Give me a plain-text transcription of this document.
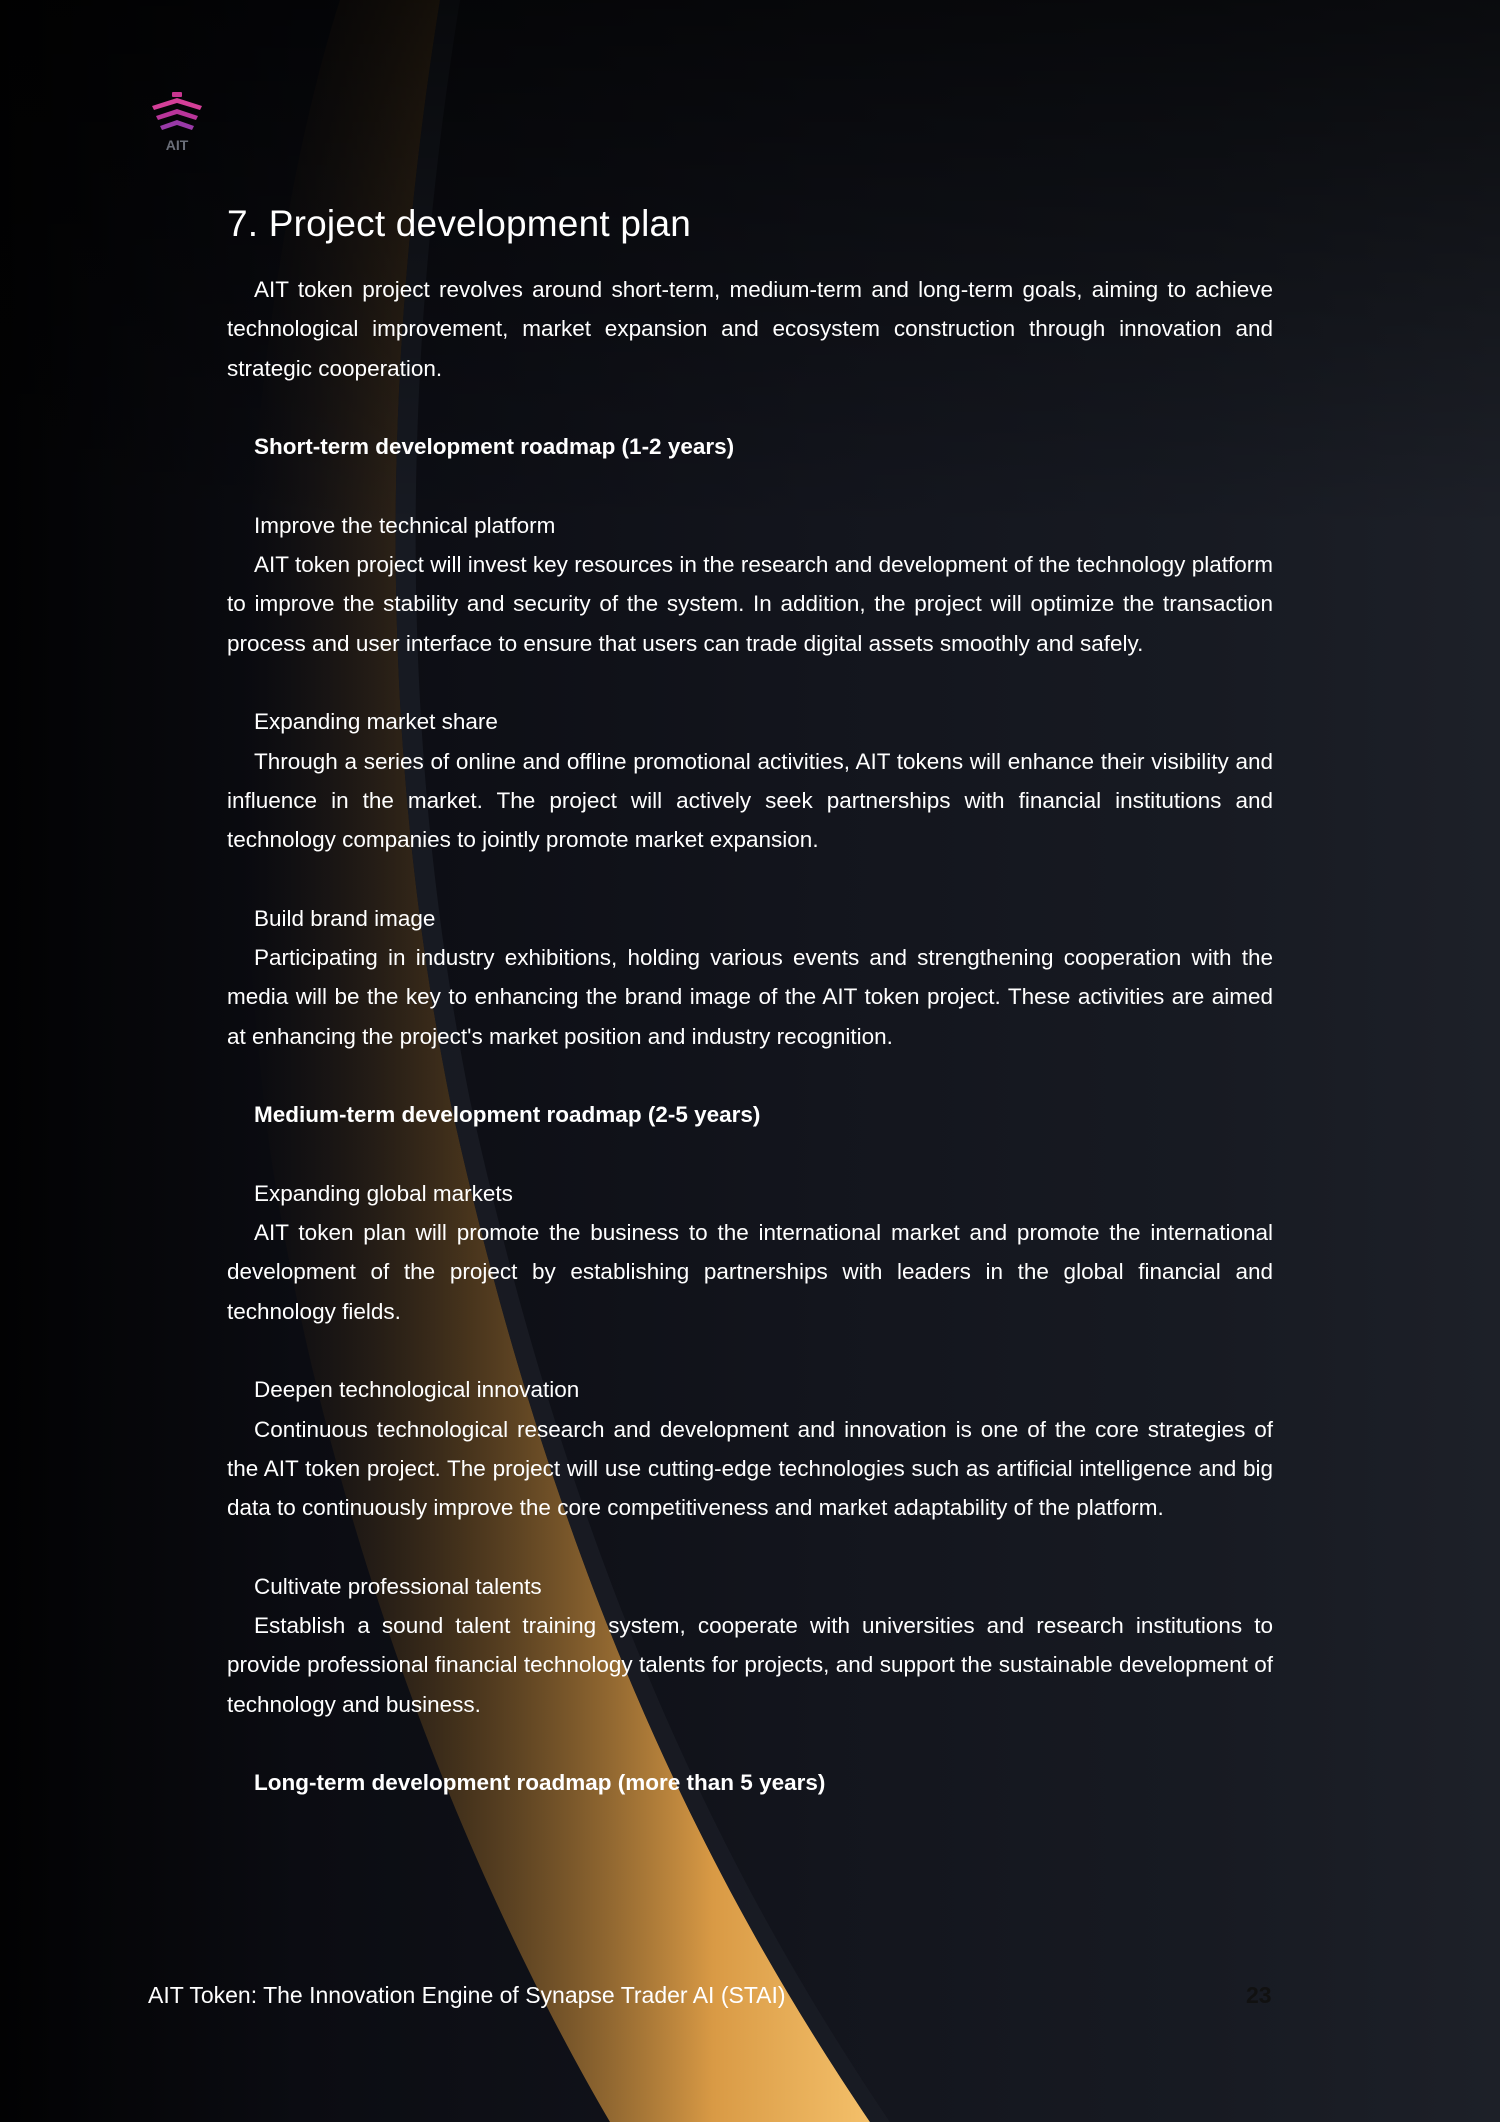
AIT
7. Project development plan

AIT token project revolves around short-term, medium-term and long-term goals, aiming to achieve technological improvement, market expansion and ecosystem construction through innovation and strategic cooperation.

Short-term development roadmap (1-2 years)

Improve the technical platform

AIT token project will invest key resources in the research and development of the technology platform to improve the stability and security of the system. In addition, the project will optimize the transaction process and user interface to ensure that users can trade digital assets smoothly and safely.

Expanding market share

Through a series of online and offline promotional activities, AIT tokens will enhance their visibility and influence in the market. The project will actively seek partnerships with financial institutions and technology companies to jointly promote market expansion.

Build brand image

Participating in industry exhibitions, holding various events and strengthening cooperation with the media will be the key to enhancing the brand image of the AIT token project. These activities are aimed at enhancing the project's market position and industry recognition.

Medium-term development roadmap (2-5 years)

Expanding global markets

AIT token plan will promote the business to the international market and promote the international development of the project by establishing partnerships with leaders in the global financial and technology fields.

Deepen technological innovation

Continuous technological research and development and innovation is one of the core strategies of the AIT token project. The project will use cutting-edge technologies such as artificial intelligence and big data to continuously improve the core competitiveness and market adaptability of the platform.

Cultivate professional talents

Establish a sound talent training system, cooperate with universities and research institutions to provide professional financial technology talents for projects, and support the sustainable development of technology and business.

Long-term development roadmap (more than 5 years)

AIT Token: The Innovation Engine of Synapse Trader AI (STAI)	23
